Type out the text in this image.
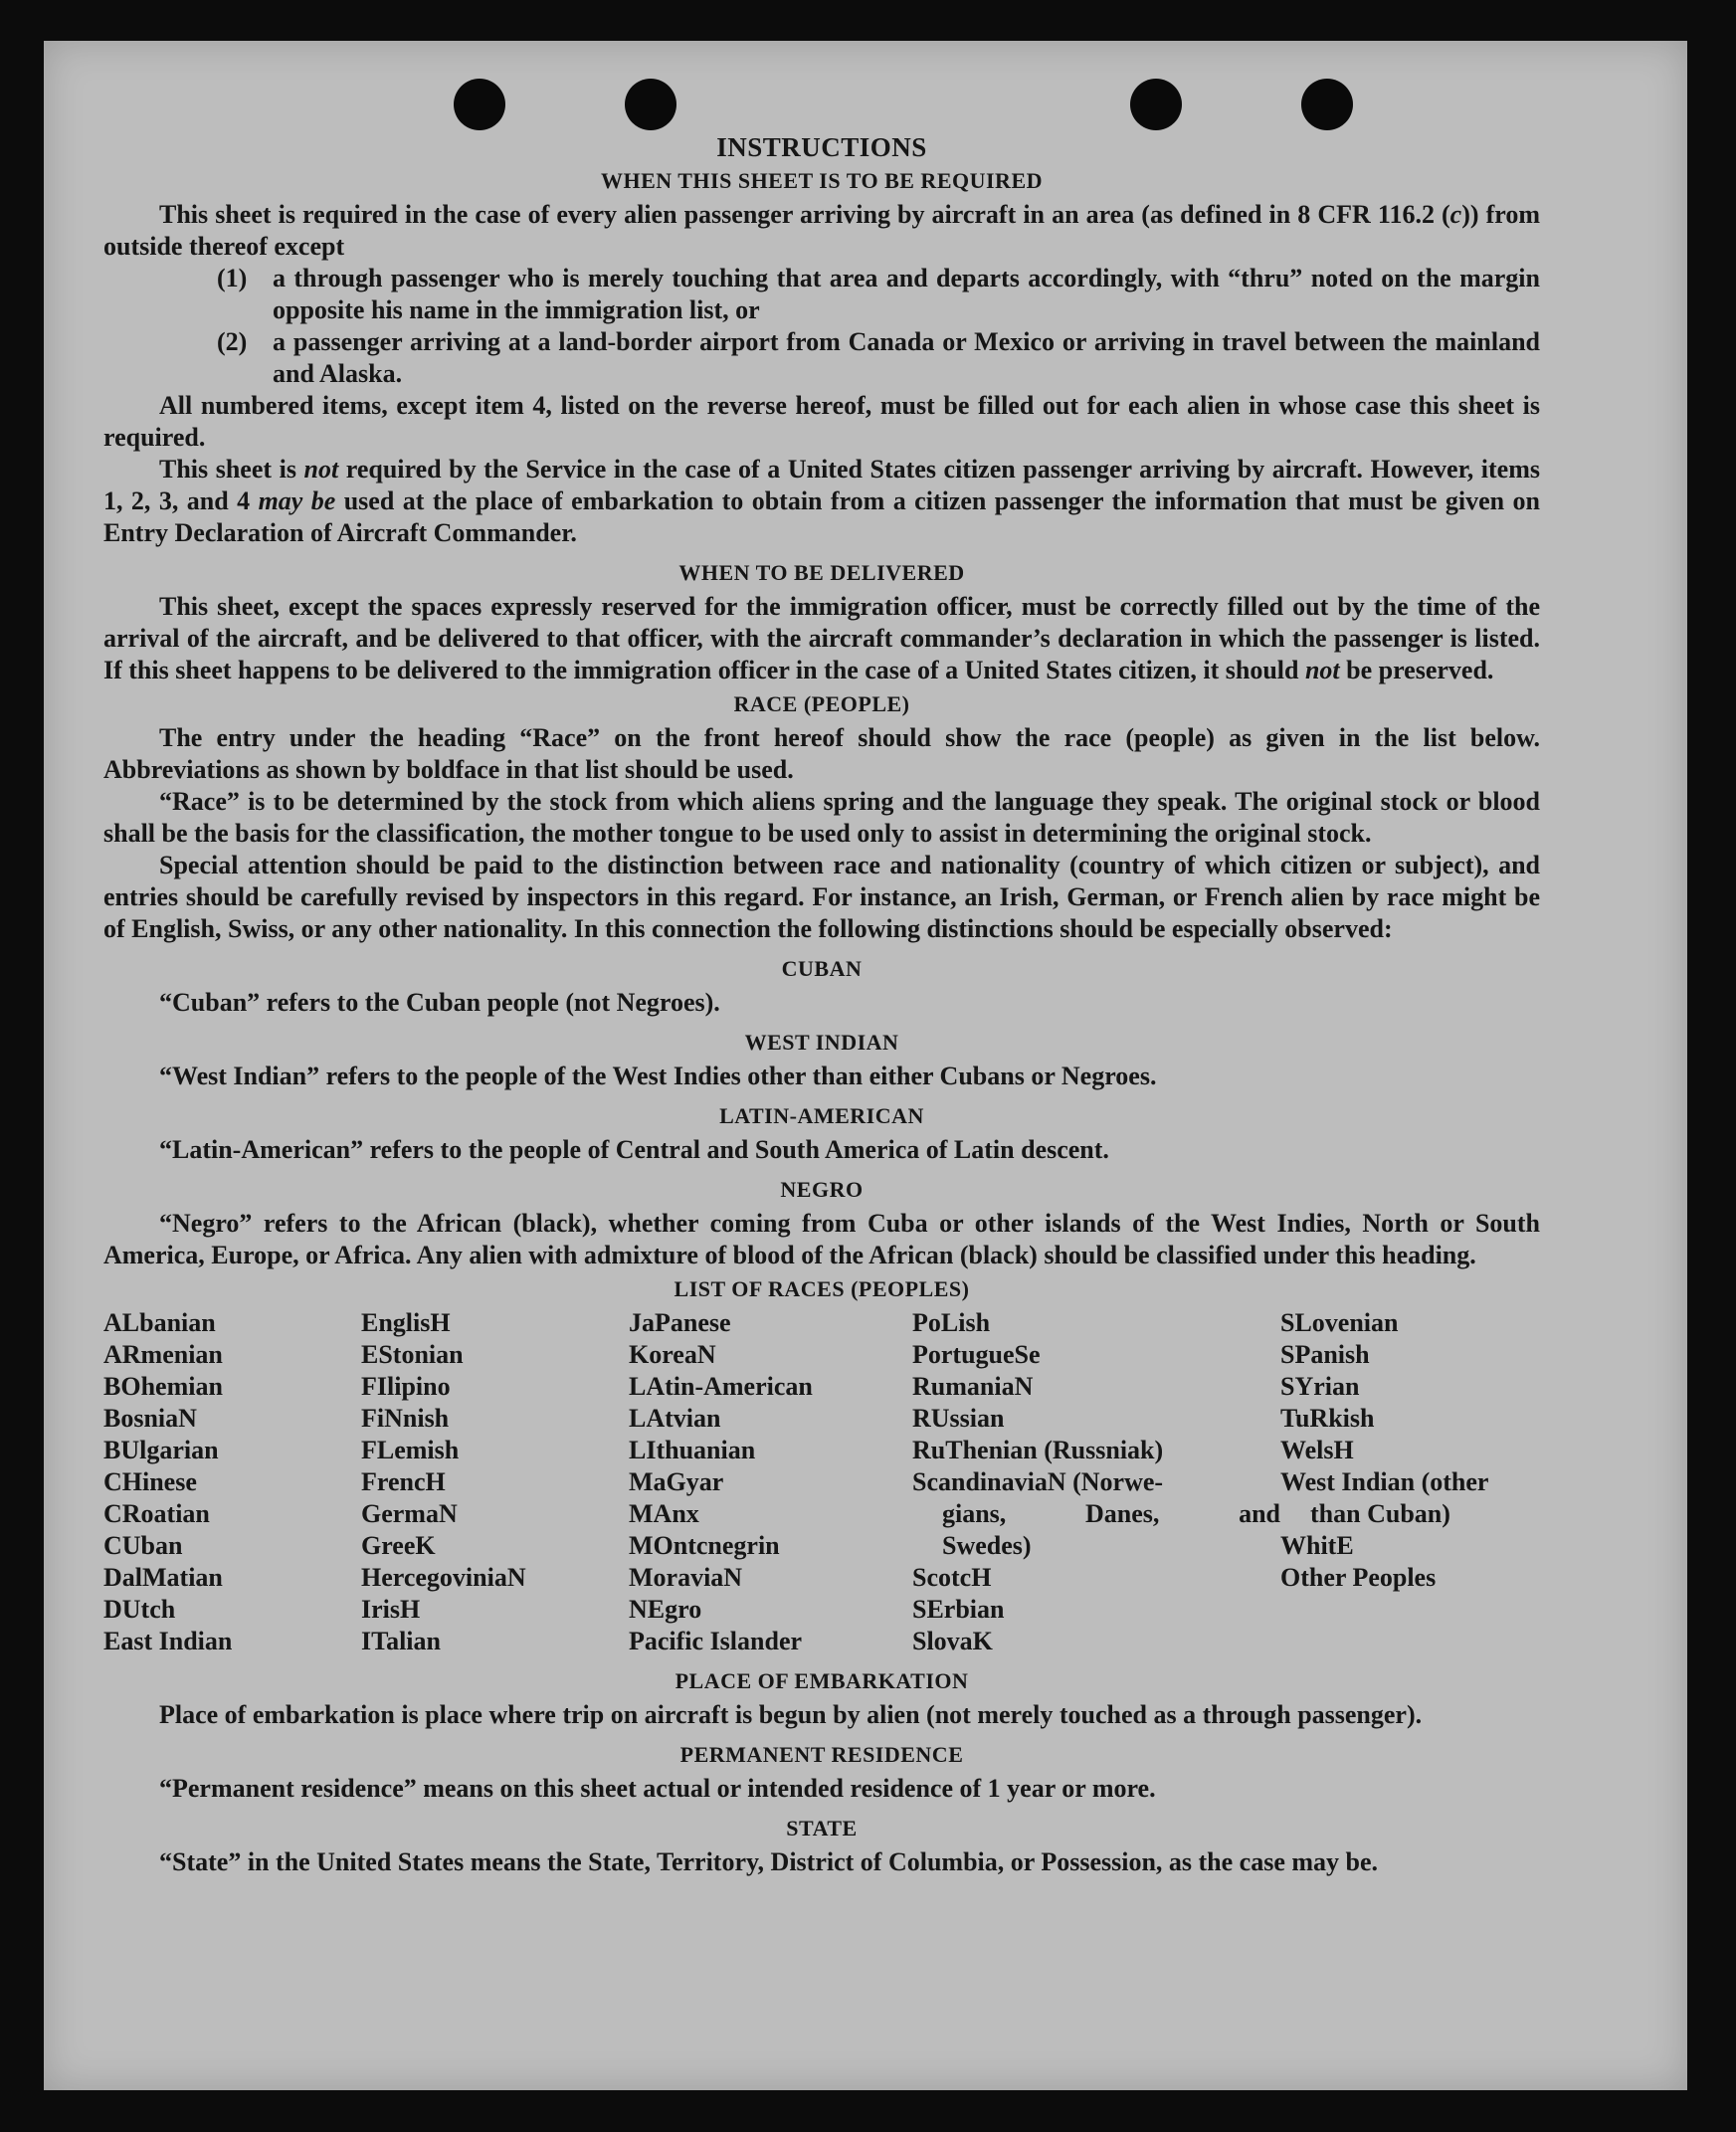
INSTRUCTIONS
WHEN THIS SHEET IS TO BE REQUIRED

This sheet is required in the case of every alien passenger arriving by aircraft in an area (as defined in 8 CFR 116.2 (c)) from outside thereof except

(1) a through passenger who is merely touching that area and departs accordingly, with “thru” noted on the margin opposite his name in the immigration list, or
(2) a passenger arriving at a land-border airport from Canada or Mexico or arriving in travel between the mainland and Alaska.

All numbered items, except item 4, listed on the reverse hereof, must be filled out for each alien in whose case this sheet is required.

This sheet is not required by the Service in the case of a United States citizen passenger arriving by aircraft. However, items 1, 2, 3, and 4 may be used at the place of embarkation to obtain from a citizen passenger the information that must be given on Entry Declaration of Aircraft Commander.

WHEN TO BE DELIVERED

This sheet, except the spaces expressly reserved for the immigration officer, must be correctly filled out by the time of the arrival of the aircraft, and be delivered to that officer, with the aircraft commander’s declaration in which the passenger is listed. If this sheet happens to be delivered to the immigration officer in the case of a United States citizen, it should not be preserved.

RACE (PEOPLE)

The entry under the heading “Race” on the front hereof should show the race (people) as given in the list below. Abbreviations as shown by boldface in that list should be used.

“Race” is to be determined by the stock from which aliens spring and the language they speak. The original stock or blood shall be the basis for the classification, the mother tongue to be used only to assist in determining the original stock.

Special attention should be paid to the distinction between race and nationality (country of which citizen or subject), and entries should be carefully revised by inspectors in this regard. For instance, an Irish, German, or French alien by race might be of English, Swiss, or any other nationality. In this connection the following distinctions should be especially observed:

CUBAN

“Cuban” refers to the Cuban people (not Negroes).

WEST INDIAN

“West Indian” refers to the people of the West Indies other than either Cubans or Negroes.

LATIN-AMERICAN

“Latin-American” refers to the people of Central and South America of Latin descent.

NEGRO

“Negro” refers to the African (black), whether coming from Cuba or other islands of the West Indies, North or South America, Europe, or Africa. Any alien with admixture of blood of the African (black) should be classified under this heading.

LIST OF RACES (PEOPLES)
ALbanian
ARmenian
BOhemian
BosniaN
BUlgarian
CHinese
CRoatian
CUban
DalMatian
DUtch
East Indian
EnglisH
EStonian
FIlipino
FiNnish
FLemish
FrencH
GermaN
GreeK
HercegoviniaN
IrisH
ITalian
JaPanese
KoreaN
LAtin-American
LAtvian
LIthuanian
MaGyar
MAnx
MOntcnegrin
MoraviaN
NEgro
Pacific Islander
PoLish
PortugueSe
RumaniaN
RUssian
RuThenian (Russniak)
ScandinaviaN (Norwe-
gians, Danes, and
Swedes)
ScotcH
SErbian
SlovaK
SLovenian
SPanish
SYrian
TuRkish
WelsH
West Indian (other
than Cuban)
WhitE
Other Peoples
PLACE OF EMBARKATION

Place of embarkation is place where trip on aircraft is begun by alien (not merely touched as a through passenger).

PERMANENT RESIDENCE

“Permanent residence” means on this sheet actual or intended residence of 1 year or more.

STATE

“State” in the United States means the State, Territory, District of Columbia, or Possession, as the case may be.
